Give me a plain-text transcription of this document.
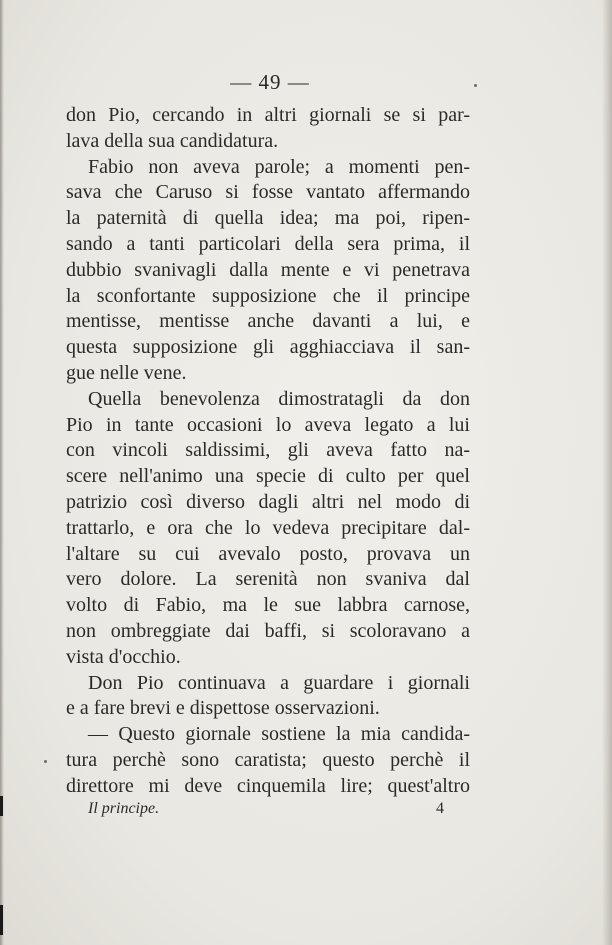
— 49 —
don Pio, cercando in altri giornali se si par-
lava della sua candidatura.
Fabio non aveva parole; a momenti pen-
sava che Caruso si fosse vantato affermando
la paternità di quella idea; ma poi, ripen-
sando a tanti particolari della sera prima, il
dubbio svanivagli dalla mente e vi penetrava
la sconfortante supposizione che il principe
mentisse, mentisse anche davanti a lui, e
questa supposizione gli agghiacciava il san-
gue nelle vene.
Quella benevolenza dimostratagli da don
Pio in tante occasioni lo aveva legato a lui
con vincoli saldissimi, gli aveva fatto na-
scere nell'animo una specie di culto per quel
patrizio così diverso dagli altri nel modo di
trattarlo, e ora che lo vedeva precipitare dal-
l'altare su cui avevalo posto, provava un
vero dolore. La serenità non svaniva dal
volto di Fabio, ma le sue labbra carnose,
non ombreggiate dai baffi, si scoloravano a
vista d'occhio.
Don Pio continuava a guardare i giornali
e a fare brevi e dispettose osservazioni.
— Questo giornale sostiene la mia candida-
tura perchè sono caratista; questo perchè il
direttore mi deve cinquemila lire; quest'altro
Il principe.	4
